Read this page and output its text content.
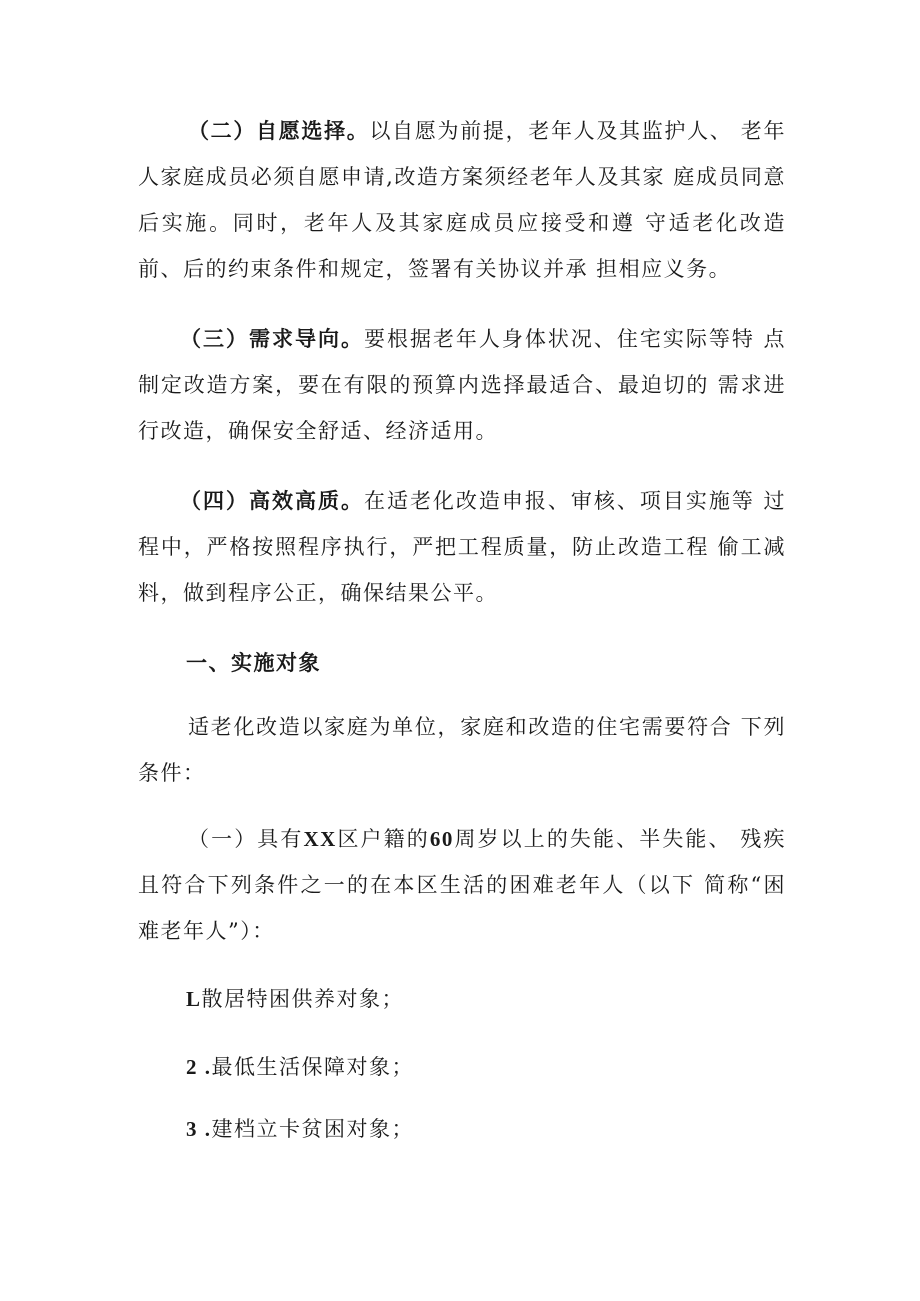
（二）自愿选择。以自愿为前提，老年人及其监护人、 老年人家庭成员必须自愿申请,改造方案须经老年人及其家 庭成员同意后实施。同时，老年人及其家庭成员应接受和遵 守适老化改造前、后的约束条件和规定，签署有关协议并承 担相应义务。

（三）需求导向。要根据老年人身体状况、住宅实际等特 点制定改造方案，要在有限的预算内选择最适合、最迫切的 需求进行改造，确保安全舒适、经济适用。

（四）高效高质。在适老化改造申报、审核、项目实施等 过程中，严格按照程序执行，严把工程质量，防止改造工程 偷工减料，做到程序公正，确保结果公平。

一、实施对象

适老化改造以家庭为单位，家庭和改造的住宅需要符合 下列条件：

（一）具有XX区户籍的60周岁以上的失能、半失能、 残疾且符合下列条件之一的在本区生活的困难老年人（以下 简称“困难老年人”）：

L散居特困供养对象；

2 .最低生活保障对象；

3 .建档立卡贫困对象；
